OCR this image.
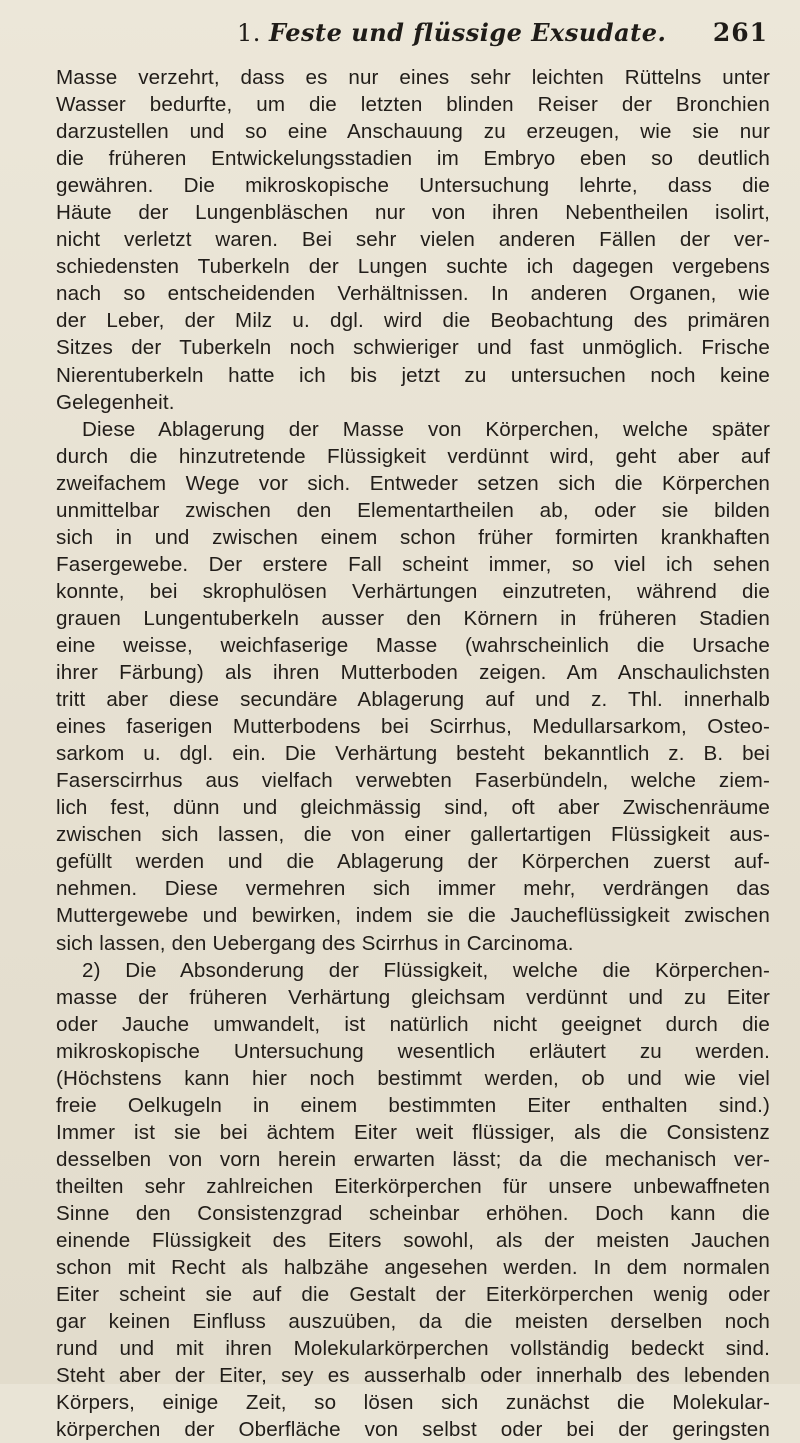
1. Feste und flüssige Exsudate. 261
Masse verzehrt, dass es nur eines sehr leichten Rüttelns unter
Wasser bedurfte, um die letzten blinden Reiser der Bronchien
darzustellen und so eine Anschauung zu erzeugen, wie sie nur
die früheren Entwickelungsstadien im Embryo eben so deutlich
gewähren. Die mikroskopische Untersuchung lehrte, dass die
Häute der Lungenbläschen nur von ihren Nebentheilen isolirt,
nicht verletzt waren. Bei sehr vielen anderen Fällen der ver-
schiedensten Tuberkeln der Lungen suchte ich dagegen vergebens
nach so entscheidenden Verhältnissen. In anderen Organen, wie
der Leber, der Milz u. dgl. wird die Beobachtung des primären
Sitzes der Tuberkeln noch schwieriger und fast unmöglich. Frische
Nierentuberkeln hatte ich bis jetzt zu untersuchen noch keine
Gelegenheit.
Diese Ablagerung der Masse von Körperchen, welche später
durch die hinzutretende Flüssigkeit verdünnt wird, geht aber auf
zweifachem Wege vor sich. Entweder setzen sich die Körperchen
unmittelbar zwischen den Elementartheilen ab, oder sie bilden
sich in und zwischen einem schon früher formirten krankhaften
Fasergewebe. Der erstere Fall scheint immer, so viel ich sehen
konnte, bei skrophulösen Verhärtungen einzutreten, während die
grauen Lungentuberkeln ausser den Körnern in früheren Stadien
eine weisse, weichfaserige Masse (wahrscheinlich die Ursache
ihrer Färbung) als ihren Mutterboden zeigen. Am Anschaulichsten
tritt aber diese secundäre Ablagerung auf und z. Thl. innerhalb
eines faserigen Mutterbodens bei Scirrhus, Medullarsarkom, Osteo-
sarkom u. dgl. ein. Die Verhärtung besteht bekanntlich z. B. bei
Faserscirrhus aus vielfach verwebten Faserbündeln, welche ziem-
lich fest, dünn und gleichmässig sind, oft aber Zwischenräume
zwischen sich lassen, die von einer gallertartigen Flüssigkeit aus-
gefüllt werden und die Ablagerung der Körperchen zuerst auf-
nehmen. Diese vermehren sich immer mehr, verdrängen das
Muttergewebe und bewirken, indem sie die Jaucheflüssigkeit zwischen
sich lassen, den Uebergang des Scirrhus in Carcinoma.
2) Die Absonderung der Flüssigkeit, welche die Körperchen-
masse der früheren Verhärtung gleichsam verdünnt und zu Eiter
oder Jauche umwandelt, ist natürlich nicht geeignet durch die
mikroskopische Untersuchung wesentlich erläutert zu werden.
(Höchstens kann hier noch bestimmt werden, ob und wie viel
freie Oelkugeln in einem bestimmten Eiter enthalten sind.)
Immer ist sie bei ächtem Eiter weit flüssiger, als die Consistenz
desselben von vorn herein erwarten lässt; da die mechanisch ver-
theilten sehr zahlreichen Eiterkörperchen für unsere unbewaffneten
Sinne den Consistenzgrad scheinbar erhöhen. Doch kann die
einende Flüssigkeit des Eiters sowohl, als der meisten Jauchen
schon mit Recht als halbzähe angesehen werden. In dem normalen
Eiter scheint sie auf die Gestalt der Eiterkörperchen wenig oder
gar keinen Einfluss auszuüben, da die meisten derselben noch
rund und mit ihren Molekularkörperchen vollständig bedeckt sind.
Steht aber der Eiter, sey es ausserhalb oder innerhalb des lebenden
Körpers, einige Zeit, so lösen sich zunächst die Molekular-
körperchen der Oberfläche von selbst oder bei der geringsten
